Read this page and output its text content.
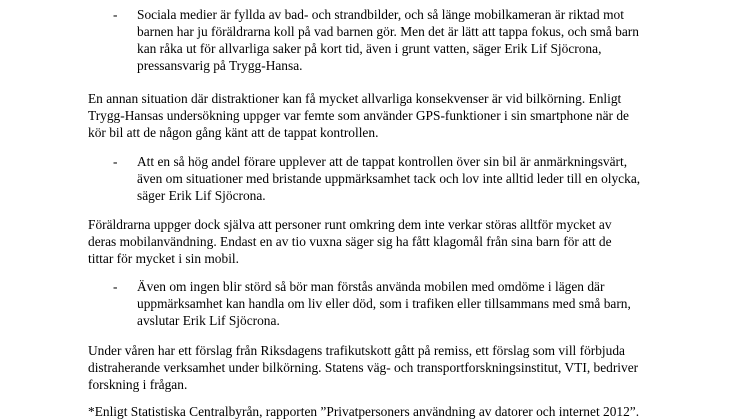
- Sociala medier är fyllda av bad- och strandbilder, och så länge mobilkameran är riktad mot
barnen har ju föräldrarna koll på vad barnen gör. Men det är lätt att tappa fokus, och små barn
kan råka ut för allvarliga saker på kort tid, även i grunt vatten, säger Erik Lif Sjöcrona,
pressansvarig på Trygg-Hansa.

En annan situation där distraktioner kan få mycket allvarliga konsekvenser är vid bilkörning. Enligt
Trygg-Hansas undersökning uppger var femte som använder GPS-funktioner i sin smartphone när de
kör bil att de någon gång känt att de tappat kontrollen.

- Att en så hög andel förare upplever att de tappat kontrollen över sin bil är anmärkningsvärt,
även om situationer med bristande uppmärksamhet tack och lov inte alltid leder till en olycka,
säger Erik Lif Sjöcrona.

Föräldrarna uppger dock själva att personer runt omkring dem inte verkar störas alltför mycket av
deras mobilanvändning. Endast en av tio vuxna säger sig ha fått klagomål från sina barn för att de
tittar för mycket i sin mobil.

- Även om ingen blir störd så bör man förstås använda mobilen med omdöme i lägen där
uppmärksamhet kan handla om liv eller död, som i trafiken eller tillsammans med små barn,
avslutar Erik Lif Sjöcrona.

Under våren har ett förslag från Riksdagens trafikutskott gått på remiss, ett förslag som vill förbjuda
distraherande verksamhet under bilkörning. Statens väg- och transportforskningsinstitut, VTI, bedriver
forskning i frågan.

*Enligt Statistiska Centralbyrån, rapporten ”Privatpersoners användning av datorer och internet 2012”.
